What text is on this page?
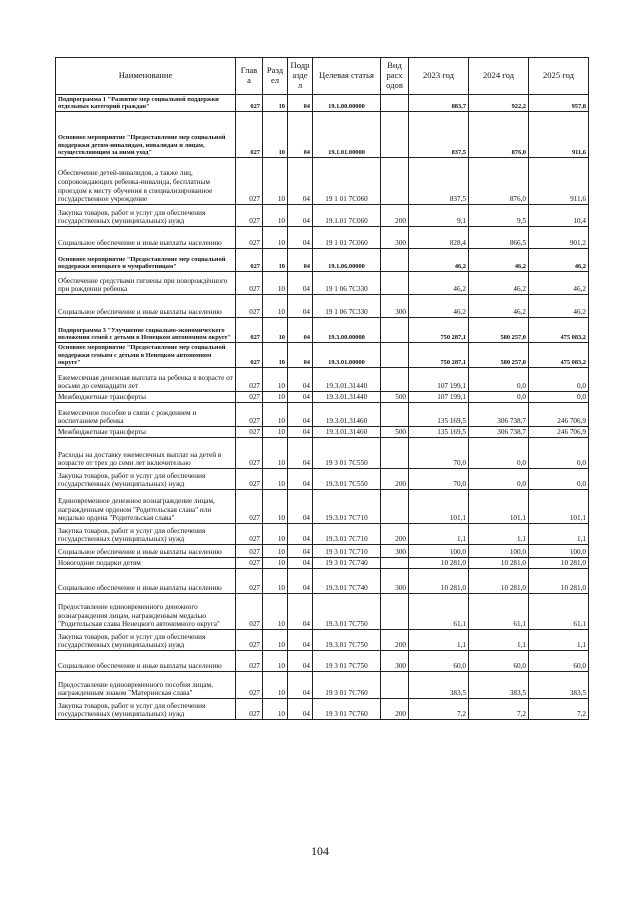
Наименование	Глав а	Разд ел	Подр азде л	Целевая статья	Вид расх одов	2023 год	2024 год	2025 год
Подпрограмма 1 "Развитие мер социальной поддержки отдельных категорий граждан"	027	10	04	19.1.00.00000		883,7	922,2	957,8
Основное мероприятие "Предоставление мер социальной поддержки детям-инвалидам, инвалидам и лицам, осуществляющим за ними уход"	027	10	04	19.1.01.00000		837,5	876,0	911,6
Обеспечение детей-инвалидов, а также лиц, сопровождающих ребенка-инвалида, бесплатным проездом к месту обучения в специализированное государственное учреждение	027	10	04	19 1 01 7С060		837,5	876,0	911,6
Закупка товаров, работ и услуг для обеспечения государственных (муниципальных) нужд	027	10	04	19.1.01 7С060	200	9,1	9,5	10,4
Социальное обеспечение и иные выплаты населению	027	10	04	19 1 01 7С060	300	828,4	866,5	901,2
Основное мероприятие "Предоставление мер социальной поддержки ненецкого и чумработницам"	027	10	04	19.1.06.00000		46,2	46,2	46,2
Обеспечение средствами гигиены при новорождённого при рождении ребенка	027	10	04	19 1 06 7С330		46,2	46,2	46,2
Социальное обеспечение и иные выплаты населению	027	10	04	19 1 06 7С330	300	46,2	46,2	46,2
Подпрограмма 3 "Улучшение социально-экономического положения семей с детьми в Ненецком автономном округе"	027	10	04	19.3.00.00000		750 287,1	580 257,0	475 083,2
Основное мероприятие "Предоставление мер социальной поддержки семьям с детьми в Ненецком автономном округе"	027	10	04	19.3.01.00000		750 287,1	580 257,0	475 083,2
Ежемесячная денежная выплата на ребенка в возрасте от восьми до семнадцати лет	027	10	04	19.3.01.31440		107 199,1	0,0	0,0
Межбюджетные трансферты	027	10	04	19.3.01.31440	500	107 199,1	0,0	0,0
Ежемесячное пособие в связи с рождением и воспитанием ребенка	027	10	04	19.3.01.31460		135 169,5	306 738,7	246 706,9
Межбюджетные трансферты	027	10	04	19.3.01.31460	500	135 169,5	306 738,7	246 706,9
Расходы на доставку ежемесячных выплат на детей в возрасте от трех до семи лет включительно	027	10	04	19 3 01 7С550		70,0	0,0	0,0
Закупка товаров, работ и услуг для обеспечения государственных (муниципальных) нужд	027	10	04	19.3.01 7С550	200	70,0	0,0	0,0
Единовременное денежное вознаграждение лицам, награжденным орденом "Родительская слава" или медалью ордена "Родительская слава"	027	10	04	19.3.01 7С710		101,1	101,1	101,1
Закупка товаров, работ и услуг для обеспечения государственных (муниципальных) нужд	027	10	04	19.3.01 7С710	200	1,1	1,1	1,1
Социальное обеспечение и иные выплаты населению	027	10	04	19 3 01 7С710	300	100,0	100,0	100,0
Новогодние подарки детям	027	10	04	19 3 01 7С740		10 281,0	10 281,0	10 281,0
Социальное обеспечение и иные выплаты населению	027	10	04	19.3.01 7С740	300	10 281,0	10 281,0	10 281,0
Предоставление единовременного денежного вознаграждения лицам, награжденным медалью "Родительская слава Ненецкого автономного округа"	027	10	04	19.3.01 7С750		61,1	61,1	61,1
Закупка товаров, работ и услуг для обеспечения государственных (муниципальных) нужд	027	10	04	19.3.01 7С750	200	1,1	1,1	1,1
Социальное обеспечение и иные выплаты населению	027	10	04	19 3 01 7С750	300	60,0	60,0	60,0
Предоставление единовременного пособия лицам, награжденным знаком "Материнская слава"	027	10	04	19 3 01 7С760		383,5	383,5	383,5
Закупка товаров, работ и услуг для обеспечения государственных (муниципальных) нужд	027	10	04	19 3 01 7С760	200	7,2	7,2	7,2
104
